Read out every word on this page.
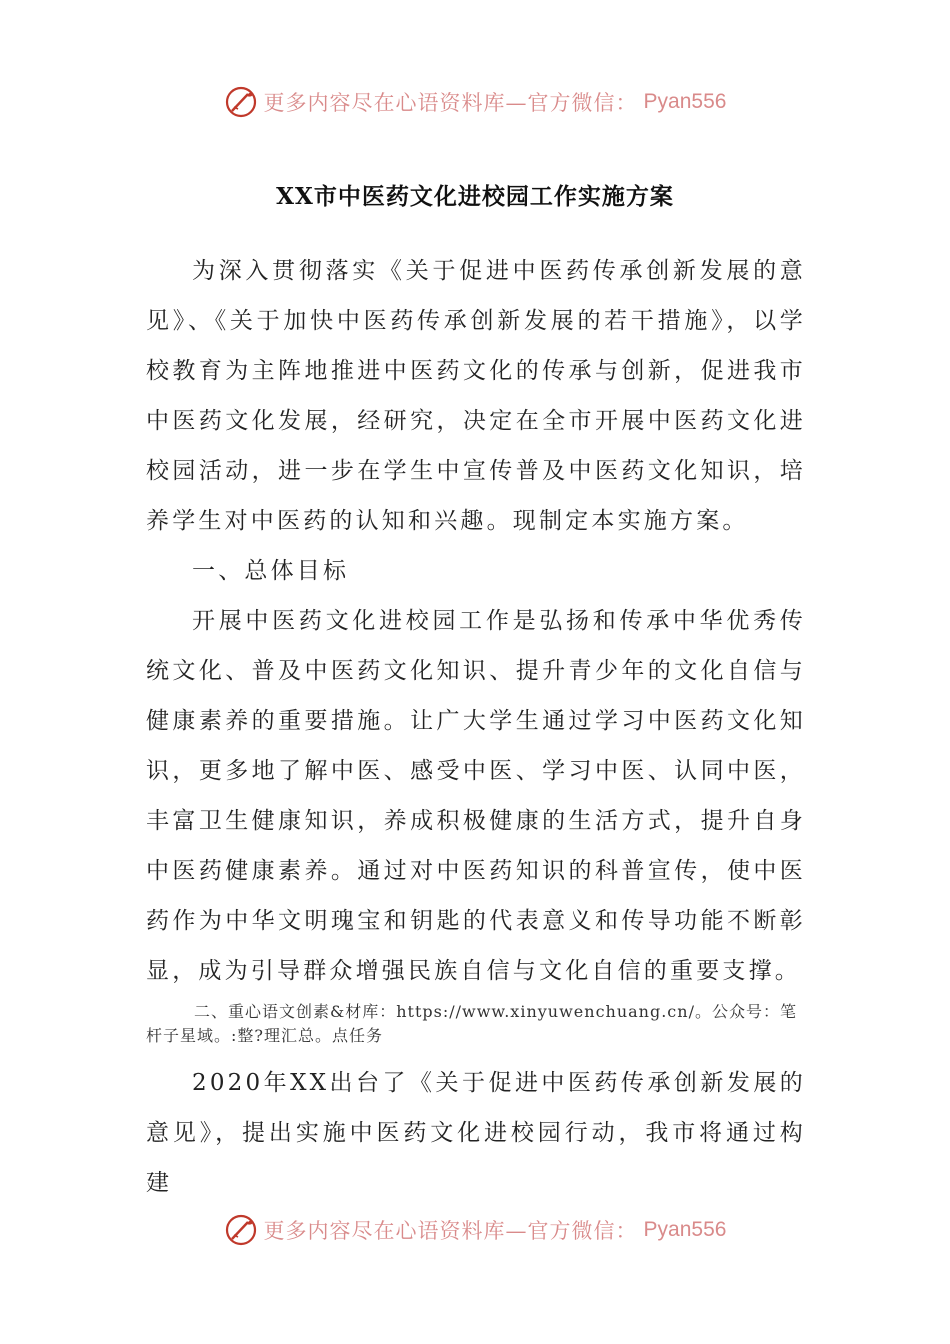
更多内容尽在心语资料库—官方微信： Pyan556
XX市中医药文化进校园工作实施方案

为深入贯彻落实《关于促进中医药传承创新发展的意见》、《关于加快中医药传承创新发展的若干措施》，以学校教育为主阵地推进中医药文化的传承与创新，促进我市中医药文化发展，经研究，决定在全市开展中医药文化进校园活动，进一步在学生中宣传普及中医药文化知识，培养学生对中医药的认知和兴趣。现制定本实施方案。

一、总体目标

开展中医药文化进校园工作是弘扬和传承中华优秀传统文化、普及中医药文化知识、提升青少年的文化自信与健康素养的重要措施。让广大学生通过学习中医药文化知识，更多地了解中医、感受中医、学习中医、认同中医，丰富卫生健康知识，养成积极健康的生活方式，提升自身中医药健康素养。通过对中医药知识的科普宣传，使中医药作为中华文明瑰宝和钥匙的代表意义和传导功能不断彰显，成为引导群众增强民族自信与文化自信的重要支撑。

二、重心语文创素&材库：https://www.xinyuwenchuang.cn/。公众号：笔杆子星域。:整?理汇总。点任务

2020年XX出台了《关于促进中医药传承创新发展的意见》，提出实施中医药文化进校园行动，我市将通过构建

更多内容尽在心语资料库—官方微信： Pyan556
